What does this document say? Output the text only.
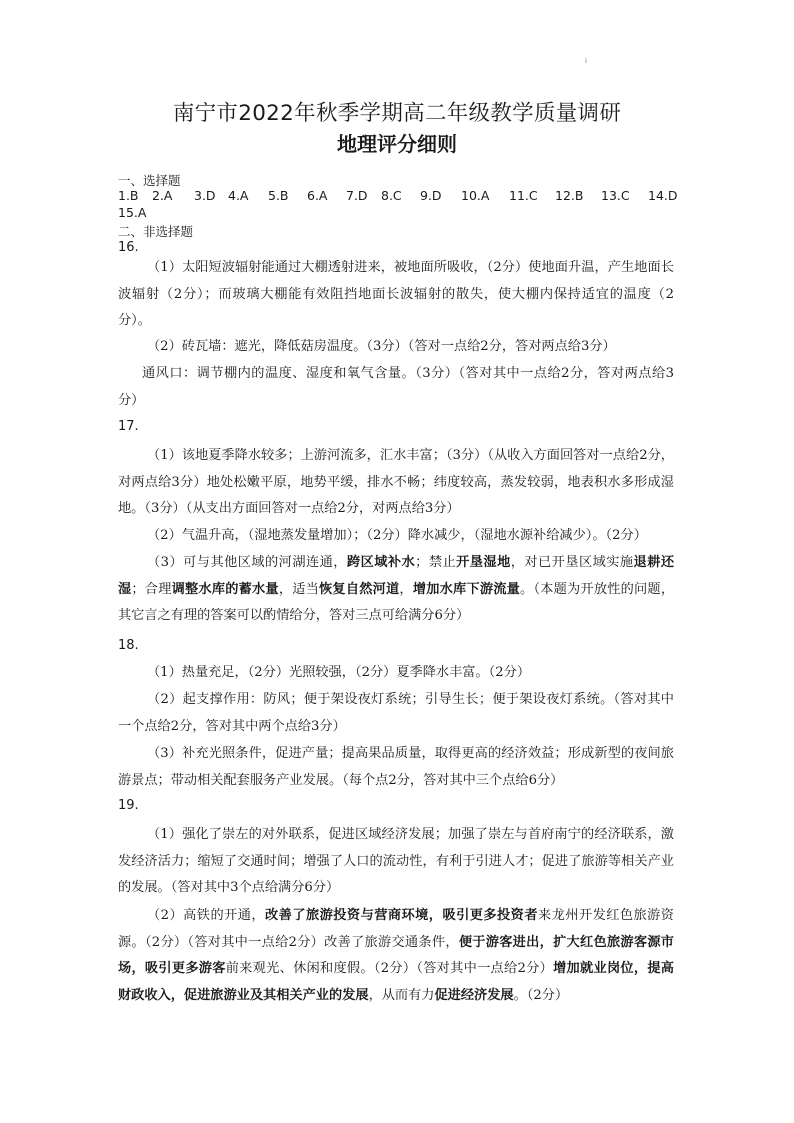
i
南宁市2022年秋季学期高二年级教学质量调研
地理评分细则
一、选择题
1.B 2.A 3.D 4.A 5.B 6.A 7.D 8.C 9.D 10.A 11.C 12.B 13.C 14.D
15.A
二、非选择题
16.

（1）太阳短波辐射能通过大棚透射进来，被地面所吸收，（2分）使地面升温，产生地面长波辐射（2分）；而玻璃大棚能有效阻挡地面长波辐射的散失，使大棚内保持适宜的温度（2分）。

（2）砖瓦墙：遮光，降低菇房温度。（3分）（答对一点给2分，答对两点给3分）

通风口：调节棚内的温度、湿度和氧气含量。（3分）（答对其中一点给2分，答对两点给3分）

17.

（1）该地夏季降水较多；上游河流多，汇水丰富；（3分）（从收入方面回答对一点给2分，对两点给3分）地处松嫩平原，地势平缓，排水不畅；纬度较高，蒸发较弱，地表积水多形成湿地。（3分）（从支出方面回答对一点给2分，对两点给3分）

（2）气温升高，（湿地蒸发量增加）；（2分）降水减少，（湿地水源补给减少）。（2分）

（3）可与其他区域的河湖连通，跨区域补水；禁止开垦湿地，对已开垦区域实施退耕还湿；合理调整水库的蓄水量，适当恢复自然河道，增加水库下游流量。（本题为开放性的问题，其它言之有理的答案可以酌情给分，答对三点可给满分6分）

18.

（1）热量充足，（2分）光照较强，（2分）夏季降水丰富。（2分）

（2）起支撑作用：防风；便于架设夜灯系统；引导生长；便于架设夜灯系统。（答对其中一个点给2分，答对其中两个点给3分）

（3）补充光照条件，促进产量；提高果品质量，取得更高的经济效益；形成新型的夜间旅游景点；带动相关配套服务产业发展。（每个点2分，答对其中三个点给6分）

19.

（1）强化了崇左的对外联系，促进区域经济发展；加强了崇左与首府南宁的经济联系，激发经济活力；缩短了交通时间；增强了人口的流动性，有利于引进人才；促进了旅游等相关产业的发展。（答对其中3个点给满分6分）

（2）高铁的开通，改善了旅游投资与营商环境，吸引更多投资者来龙州开发红色旅游资源。（2分）（答对其中一点给2分）改善了旅游交通条件，便于游客进出，扩大红色旅游客源市场，吸引更多游客前来观光、休闲和度假。（2分）（答对其中一点给2分）增加就业岗位，提高财政收入，促进旅游业及其相关产业的发展，从而有力促进经济发展。（2分）
